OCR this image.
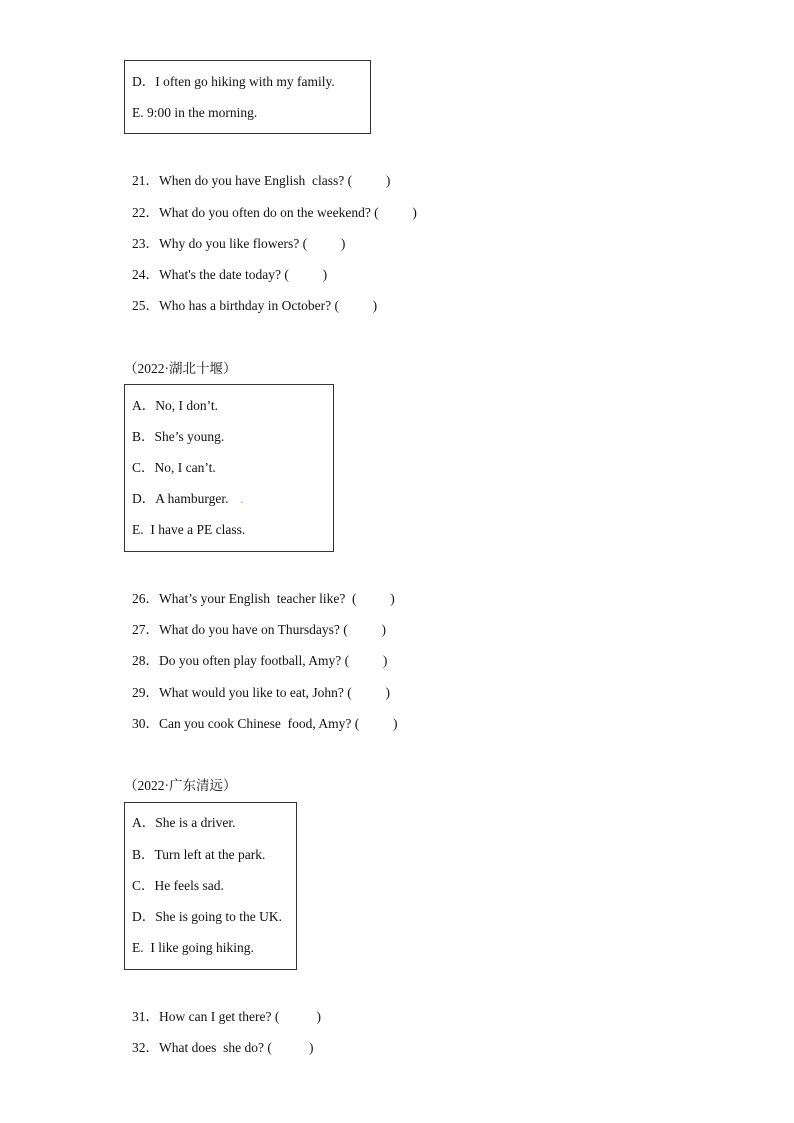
D．I often go hiking with my family.
E. 9:00 in the morning.
21．When do you have English  class? (          )
22．What do you often do on the weekend? (          )
23．Why do you like flowers? (          )
24．What's the date today? (          )
25．Who has a birthday in October? (          )
（2022·湖北十堰）
A．No, I don’t.
B．She’s young.
C．No, I can’t.
D．A hamburger. .
E.  I have a PE class.
26．What’s your English  teacher like?  (          )
27．What do you have on Thursdays? (          )
28．Do you often play football, Amy? (          )
29．What would you like to eat, John? (          )
30．Can you cook Chinese  food, Amy? (          )
（2022·广东清远）
A．She is a driver.
B．Turn left at the park.
C．He feels sad.
D．She is going to the UK.
E.  I like going hiking.
31．How can I get there? (           )
32．What does  she do? (           )
